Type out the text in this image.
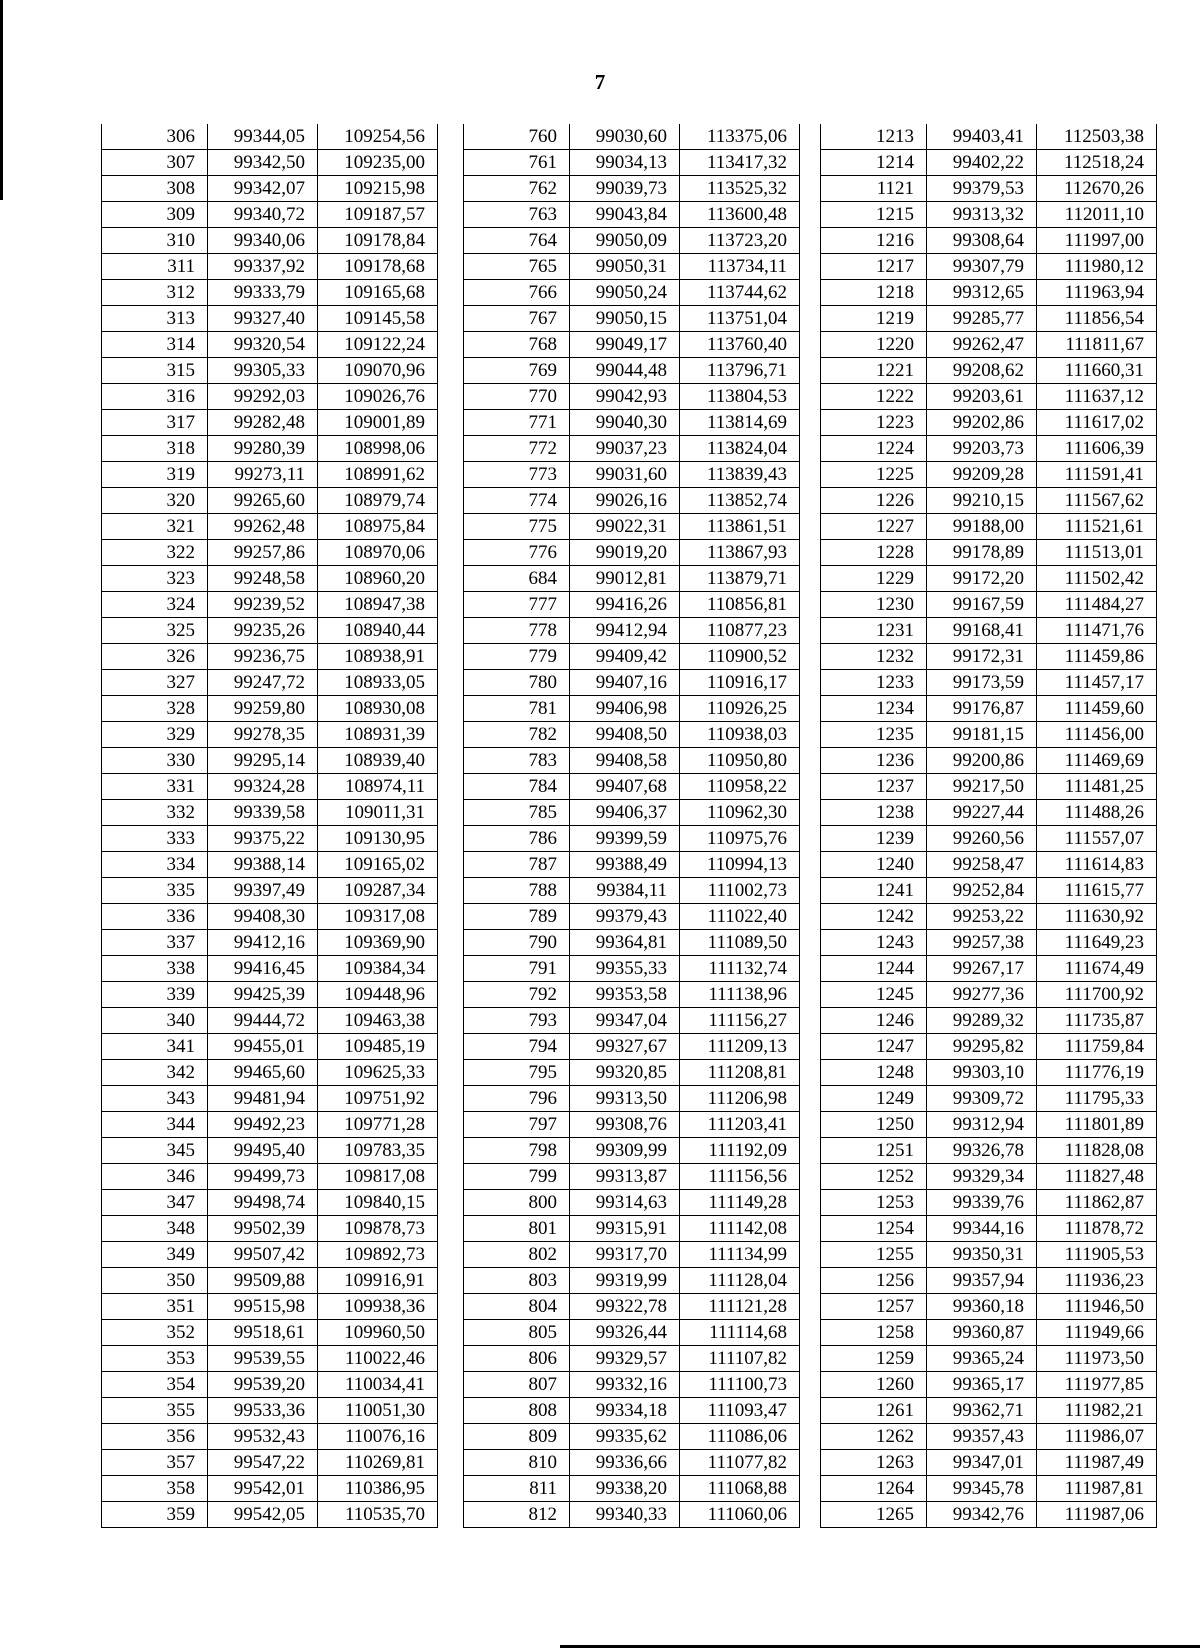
7
306	99344,05	109254,56
307	99342,50	109235,00
308	99342,07	109215,98
309	99340,72	109187,57
310	99340,06	109178,84
311	99337,92	109178,68
312	99333,79	109165,68
313	99327,40	109145,58
314	99320,54	109122,24
315	99305,33	109070,96
316	99292,03	109026,76
317	99282,48	109001,89
318	99280,39	108998,06
319	99273,11	108991,62
320	99265,60	108979,74
321	99262,48	108975,84
322	99257,86	108970,06
323	99248,58	108960,20
324	99239,52	108947,38
325	99235,26	108940,44
326	99236,75	108938,91
327	99247,72	108933,05
328	99259,80	108930,08
329	99278,35	108931,39
330	99295,14	108939,40
331	99324,28	108974,11
332	99339,58	109011,31
333	99375,22	109130,95
334	99388,14	109165,02
335	99397,49	109287,34
336	99408,30	109317,08
337	99412,16	109369,90
338	99416,45	109384,34
339	99425,39	109448,96
340	99444,72	109463,38
341	99455,01	109485,19
342	99465,60	109625,33
343	99481,94	109751,92
344	99492,23	109771,28
345	99495,40	109783,35
346	99499,73	109817,08
347	99498,74	109840,15
348	99502,39	109878,73
349	99507,42	109892,73
350	99509,88	109916,91
351	99515,98	109938,36
352	99518,61	109960,50
353	99539,55	110022,46
354	99539,20	110034,41
355	99533,36	110051,30
356	99532,43	110076,16
357	99547,22	110269,81
358	99542,01	110386,95
359	99542,05	110535,70
760	99030,60	113375,06
761	99034,13	113417,32
762	99039,73	113525,32
763	99043,84	113600,48
764	99050,09	113723,20
765	99050,31	113734,11
766	99050,24	113744,62
767	99050,15	113751,04
768	99049,17	113760,40
769	99044,48	113796,71
770	99042,93	113804,53
771	99040,30	113814,69
772	99037,23	113824,04
773	99031,60	113839,43
774	99026,16	113852,74
775	99022,31	113861,51
776	99019,20	113867,93
684	99012,81	113879,71
777	99416,26	110856,81
778	99412,94	110877,23
779	99409,42	110900,52
780	99407,16	110916,17
781	99406,98	110926,25
782	99408,50	110938,03
783	99408,58	110950,80
784	99407,68	110958,22
785	99406,37	110962,30
786	99399,59	110975,76
787	99388,49	110994,13
788	99384,11	111002,73
789	99379,43	111022,40
790	99364,81	111089,50
791	99355,33	111132,74
792	99353,58	111138,96
793	99347,04	111156,27
794	99327,67	111209,13
795	99320,85	111208,81
796	99313,50	111206,98
797	99308,76	111203,41
798	99309,99	111192,09
799	99313,87	111156,56
800	99314,63	111149,28
801	99315,91	111142,08
802	99317,70	111134,99
803	99319,99	111128,04
804	99322,78	111121,28
805	99326,44	111114,68
806	99329,57	111107,82
807	99332,16	111100,73
808	99334,18	111093,47
809	99335,62	111086,06
810	99336,66	111077,82
811	99338,20	111068,88
812	99340,33	111060,06
1213	99403,41	112503,38
1214	99402,22	112518,24
1121	99379,53	112670,26
1215	99313,32	112011,10
1216	99308,64	111997,00
1217	99307,79	111980,12
1218	99312,65	111963,94
1219	99285,77	111856,54
1220	99262,47	111811,67
1221	99208,62	111660,31
1222	99203,61	111637,12
1223	99202,86	111617,02
1224	99203,73	111606,39
1225	99209,28	111591,41
1226	99210,15	111567,62
1227	99188,00	111521,61
1228	99178,89	111513,01
1229	99172,20	111502,42
1230	99167,59	111484,27
1231	99168,41	111471,76
1232	99172,31	111459,86
1233	99173,59	111457,17
1234	99176,87	111459,60
1235	99181,15	111456,00
1236	99200,86	111469,69
1237	99217,50	111481,25
1238	99227,44	111488,26
1239	99260,56	111557,07
1240	99258,47	111614,83
1241	99252,84	111615,77
1242	99253,22	111630,92
1243	99257,38	111649,23
1244	99267,17	111674,49
1245	99277,36	111700,92
1246	99289,32	111735,87
1247	99295,82	111759,84
1248	99303,10	111776,19
1249	99309,72	111795,33
1250	99312,94	111801,89
1251	99326,78	111828,08
1252	99329,34	111827,48
1253	99339,76	111862,87
1254	99344,16	111878,72
1255	99350,31	111905,53
1256	99357,94	111936,23
1257	99360,18	111946,50
1258	99360,87	111949,66
1259	99365,24	111973,50
1260	99365,17	111977,85
1261	99362,71	111982,21
1262	99357,43	111986,07
1263	99347,01	111987,49
1264	99345,78	111987,81
1265	99342,76	111987,06
